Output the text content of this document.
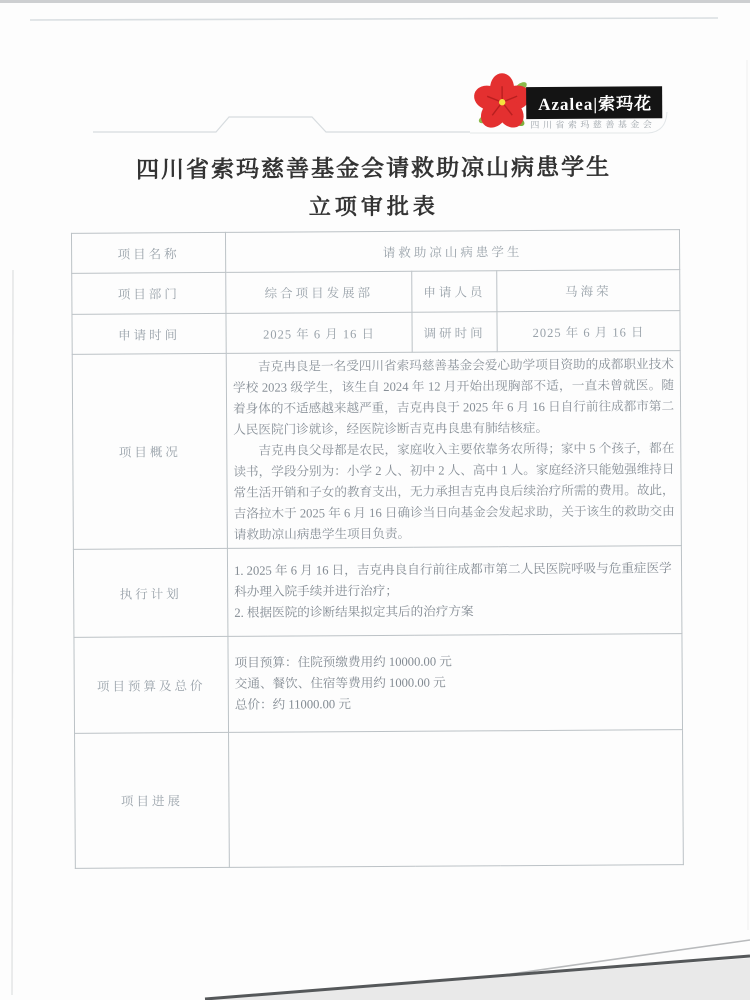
Azalea|索玛花
四川省索玛慈善基金会
四川省索玛慈善基金会请救助凉山病患学生
立项审批表
项目名称	请救助凉山病患学生		
项目部门	综合项目发展部	申请人员	马海荣
申请时间	2025 年 6 月 16 日	调研时间	2025 年 6 月 16 日
项目概况	吉克冉良是一名受四川省索玛慈善基金会爱心助学项目资助的成都职业技术学校 2023 级学生，该生自 2024 年 12 月开始出现胸部不适，一直未曾就医。随着身体的不适感越来越严重，吉克冉良于 2025 年 6 月 16 日自行前往成都市第二人民医院门诊就诊，经医院诊断吉克冉良患有肺结核症。

吉克冉良父母都是农民，家庭收入主要依靠务农所得；家中 5 个孩子，都在读书，学段分别为：小学 2 人、初中 2 人、高中 1 人。家庭经济只能勉强维持日常生活开销和子女的教育支出，无力承担吉克冉良后续治疗所需的费用。故此，吉洛拉木于 2025 年 6 月 16 日确诊当日向基金会发起求助，关于该生的救助交由请救助凉山病患学生项目负责。		

执行计划	1. 2025 年 6 月 16 日，吉克冉良自行前往成都市第二人民医院呼吸与危重症医学科办理入院手续并进行治疗；

2. 根据医院的诊断结果拟定其后的治疗方案		

项目预算及总价	项目预算：住院预缴费用约 10000.00 元

交通、餐饮、住宿等费用约 1000.00 元

总价：约 11000.00 元		

项目进展			
